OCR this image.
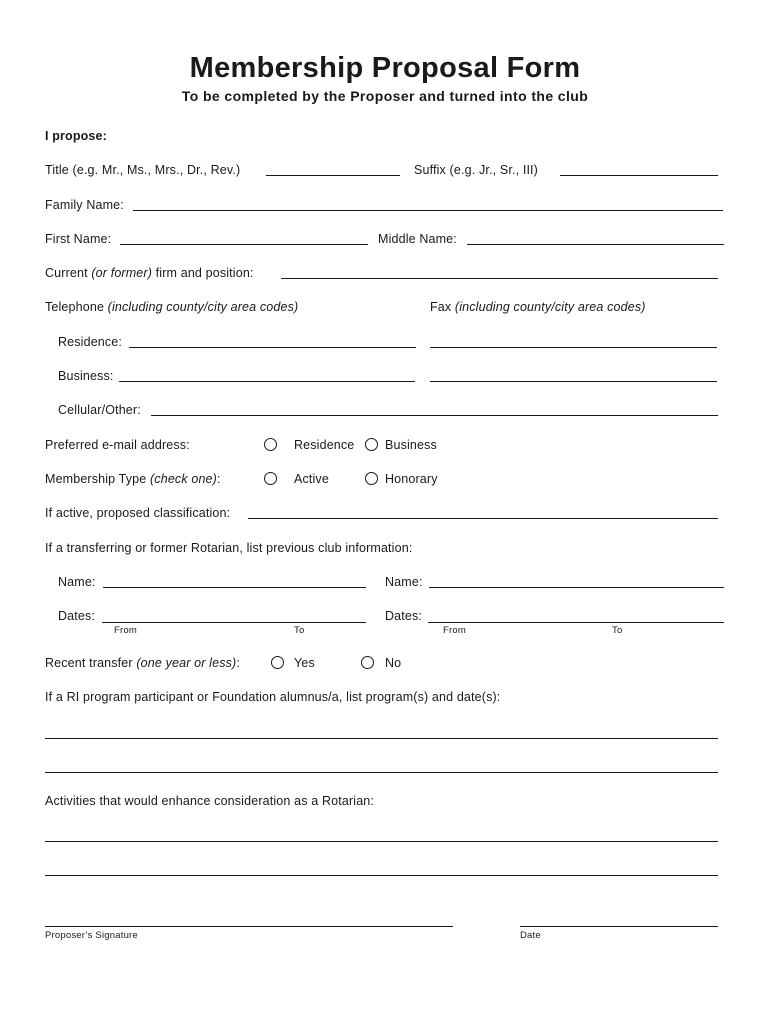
Membership Proposal Form
To be completed by the Proposer and turned into the club
I propose:
Title (e.g. Mr., Ms., Mrs., Dr., Rev.)	Suffix (e.g. Jr., Sr., III)
Family Name:
First Name:	Middle Name:
Current (or former) firm and position:
Telephone (including county/city area codes)	Fax (including county/city area codes)
Residence:
Business:
Cellular/Other:
Preferred e-mail address:	Residence Business
Membership Type (check one):	Active	Honorary
If active, proposed classification:
If a transferring or former Rotarian, list previous club information:
Name:	Name:
Dates:	Dates:
From	To	From	To
Recent transfer (one year or less):	Yes	No
If a RI program participant or Foundation alumnus/a, list program(s) and date(s):
Activities that would enhance consideration as a Rotarian:
Proposer’s Signature	Date
